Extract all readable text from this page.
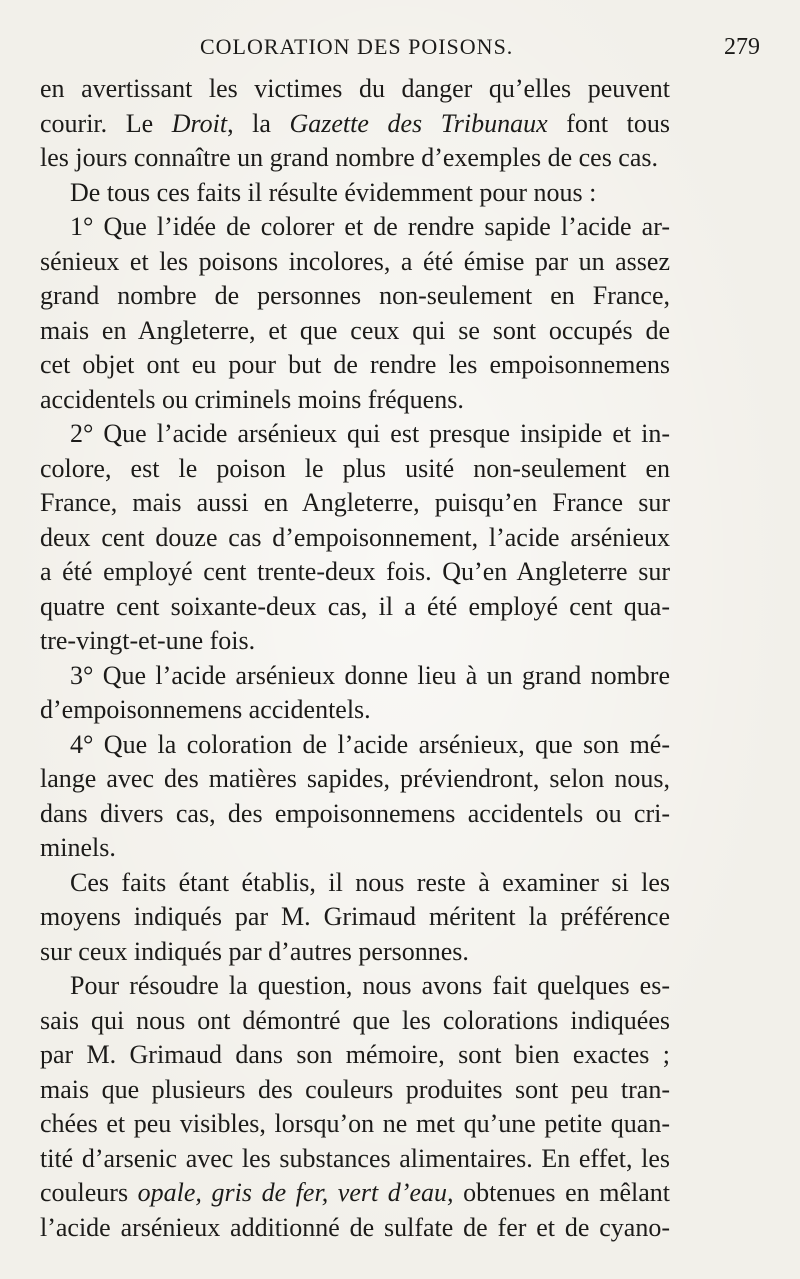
COLORATION DES POISONS.	279
en avertissant les victimes du danger qu’elles peuvent
courir. Le Droit, la Gazette des Tribunaux font tous
les jours connaître un grand nombre d’exemples de ces cas.
De tous ces faits il résulte évidemment pour nous :
1° Que l’idée de colorer et de rendre sapide l’acide ar-
sénieux et les poisons incolores, a été émise par un assez
grand nombre de personnes non-seulement en France,
mais en Angleterre, et que ceux qui se sont occupés de
cet objet ont eu pour but de rendre les empoisonnemens
accidentels ou criminels moins fréquens.
2° Que l’acide arsénieux qui est presque insipide et in-
colore, est le poison le plus usité non-seulement en
France, mais aussi en Angleterre, puisqu’en France sur
deux cent douze cas d’empoisonnement, l’acide arsénieux
a été employé cent trente-deux fois. Qu’en Angleterre sur
quatre cent soixante-deux cas, il a été employé cent qua-
tre-vingt-et-une fois.
3° Que l’acide arsénieux donne lieu à un grand nombre
d’empoisonnemens accidentels.
4° Que la coloration de l’acide arsénieux, que son mé-
lange avec des matières sapides, préviendront, selon nous,
dans divers cas, des empoisonnemens accidentels ou cri-
minels.
Ces faits étant établis, il nous reste à examiner si les
moyens indiqués par M. Grimaud méritent la préférence
sur ceux indiqués par d’autres personnes.
Pour résoudre la question, nous avons fait quelques es-
sais qui nous ont démontré que les colorations indiquées
par M. Grimaud dans son mémoire, sont bien exactes ;
mais que plusieurs des couleurs produites sont peu tran-
chées et peu visibles, lorsqu’on ne met qu’une petite quan-
tité d’arsenic avec les substances alimentaires. En effet, les
couleurs opale, gris de fer, vert d’eau, obtenues en mêlant
l’acide arsénieux additionné de sulfate de fer et de cyano-
